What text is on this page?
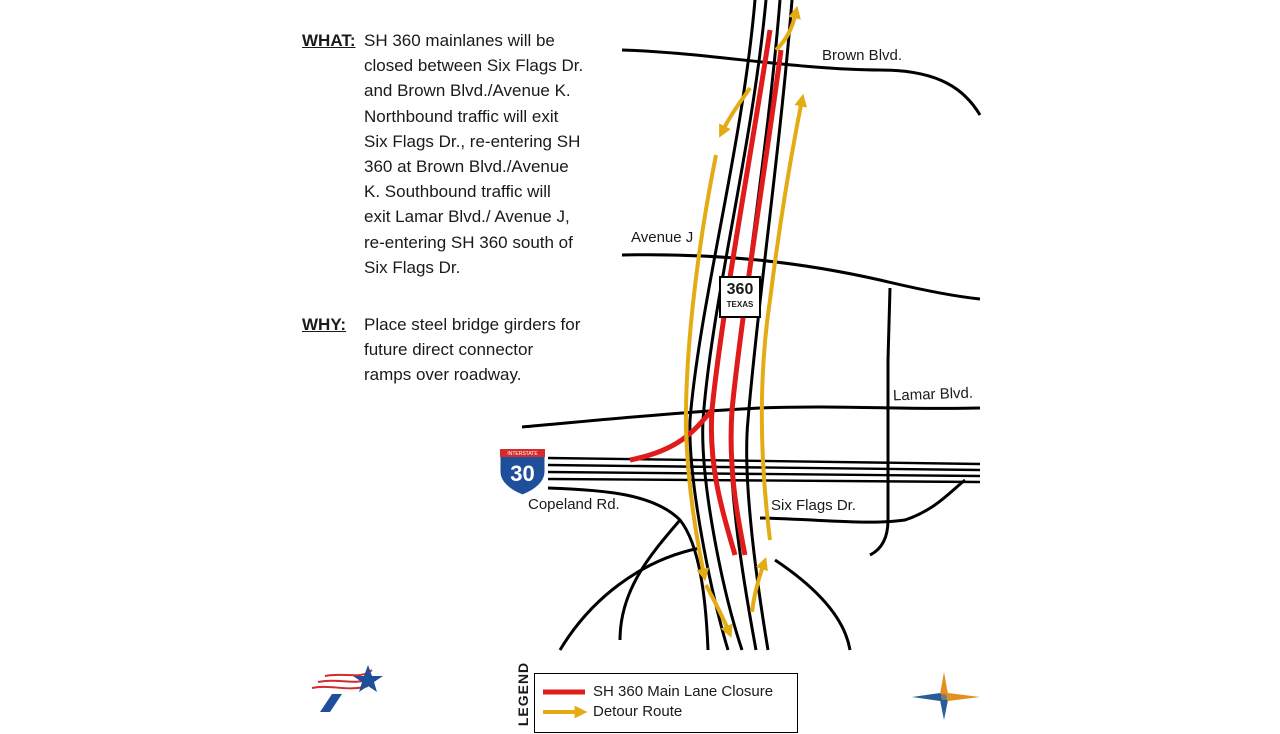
WHAT: SH 360 mainlanes will be
closed between Six Flags Dr.
and Brown Blvd./Avenue K.
Northbound traffic will exit
Six Flags Dr., re-entering SH
360 at Brown Blvd./Avenue
K. Southbound traffic will
exit Lamar Blvd./ Avenue J,
re-entering SH 360 south of
Six Flags Dr.
WHY:	Place steel bridge girders for
future direct connector
ramps over roadway.
INTERSTATE
30
Brown Blvd.
Avenue J
Lamar Blvd.
Copeland Rd.	Six Flags Dr.
360
TEXAS
LEGEND	SH 360 Main Lane Closure
Detour Route
